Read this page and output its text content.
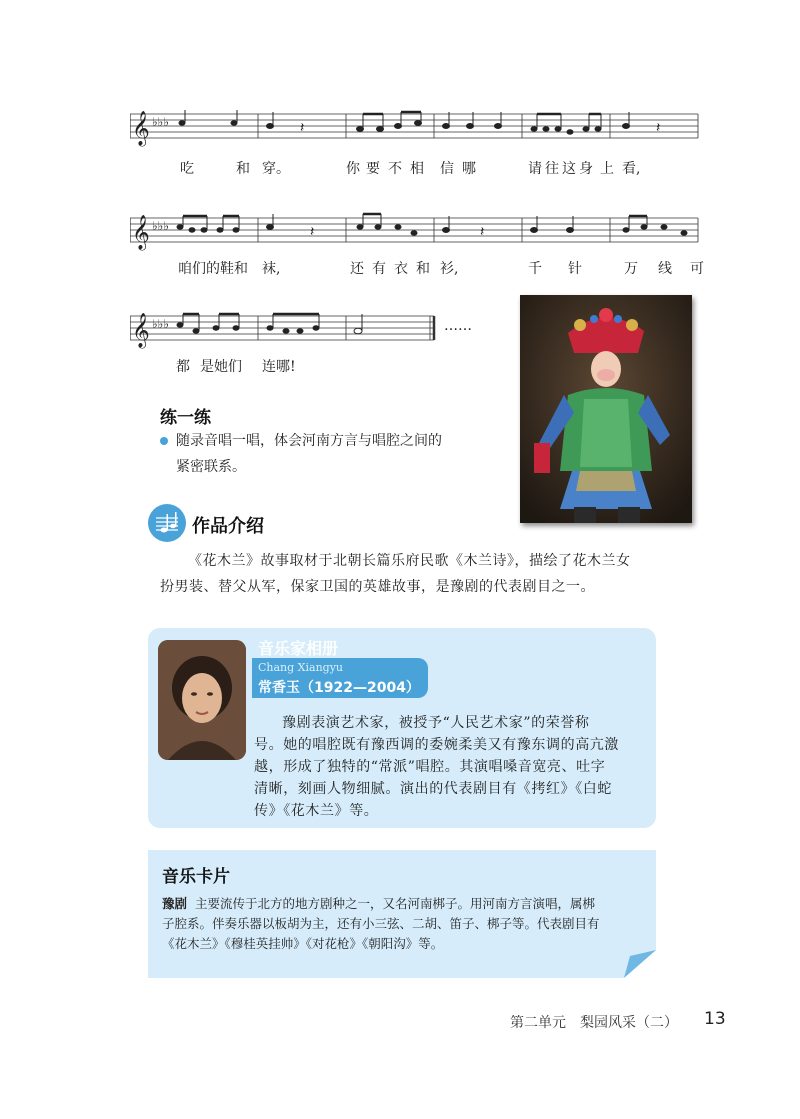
𝄞 ♭♭♭	𝄽	𝄽
吃	和 穿。	你 要 不 相 信 哪	请 往 这 身 上 看,
𝄞 ♭♭♭	𝄽	𝄽
咱们的鞋和 袜,	还 有 衣 和 衫,	千 针	万 线 可
𝄞 ♭♭♭	……
都 是她们 连哪!
练一练
随录音唱一唱，体会河南方言与唱腔之间的
紧密联系。
作品介绍
《花木兰》故事取材于北朝长篇乐府民歌《木兰诗》，描绘了花木兰女
扮男装、替父从军，保家卫国的英雄故事，是豫剧的代表剧目之一。
音乐家相册
Chang Xiangyu
常香玉（1922—2004）
豫剧表演艺术家，被授予“人民艺术家”的荣誉称
号。她的唱腔既有豫西调的委婉柔美又有豫东调的高亢激
越，形成了独特的“常派”唱腔。其演唱嗓音宽亮、吐字
清晰，刻画人物细腻。演出的代表剧目有《拷红》《白蛇
传》《花木兰》等。
音乐卡片
豫剧 主要流传于北方的地方剧种之一，又名河南梆子。用河南方言演唱，属梆
子腔系。伴奏乐器以板胡为主，还有小三弦、二胡、笛子、梆子等。代表剧目有
《花木兰》《穆桂英挂帅》《对花枪》《朝阳沟》等。
第二单元　梨园风采（二） 13
